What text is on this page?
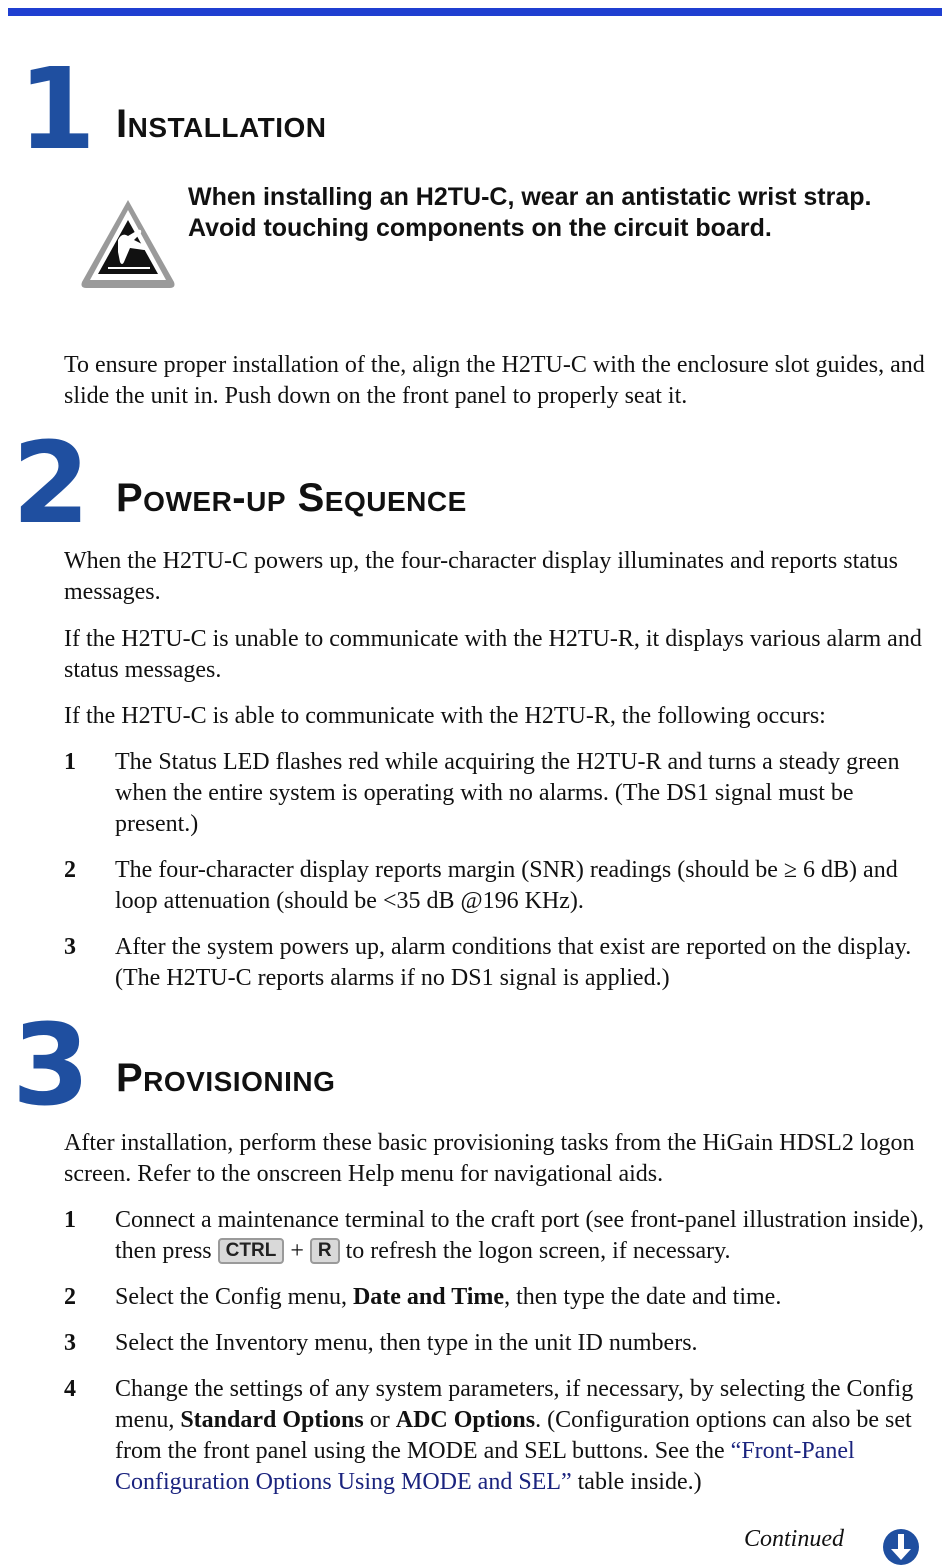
1 Installation
When installing an H2TU-C, wear an antistatic wrist strap.
Avoid touching components on the circuit board.
To ensure proper installation of the, align the H2TU-C with the enclosure slot guides, and slide the unit in. Push down on the front panel to properly seat it.
2 Power-up Sequence
When the H2TU-C powers up, the four-character display illuminates and reports status messages.
If the H2TU-C is unable to communicate with the H2TU-R, it displays various alarm and status messages.
If the H2TU-C is able to communicate with the H2TU-R, the following occurs:
1 The Status LED flashes red while acquiring the H2TU-R and turns a steady green when the entire system is operating with no alarms. (The DS1 signal must be present.)
2 The four-character display reports margin (SNR) readings (should be ≥ 6 dB) and loop attenuation (should be <35 dB @196 KHz).
3 After the system powers up, alarm conditions that exist are reported on the display. (The H2TU-C reports alarms if no DS1 signal is applied.)
3 Provisioning
After installation, perform these basic provisioning tasks from the HiGain HDSL2 logon screen. Refer to the onscreen Help menu for navigational aids.
1 Connect a maintenance terminal to the craft port (see front-panel illustration inside), then press CTRL + R to refresh the logon screen, if necessary.
2 Select the Config menu, Date and Time, then type the date and time.
3 Select the Inventory menu, then type in the unit ID numbers.
4 Change the settings of any system parameters, if necessary, by selecting the Config menu, Standard Options or ADC Options. (Configuration options can also be set from the front panel using the MODE and SEL buttons. See the “Front-Panel Configuration Options Using MODE and SEL” table inside.)
Continued
